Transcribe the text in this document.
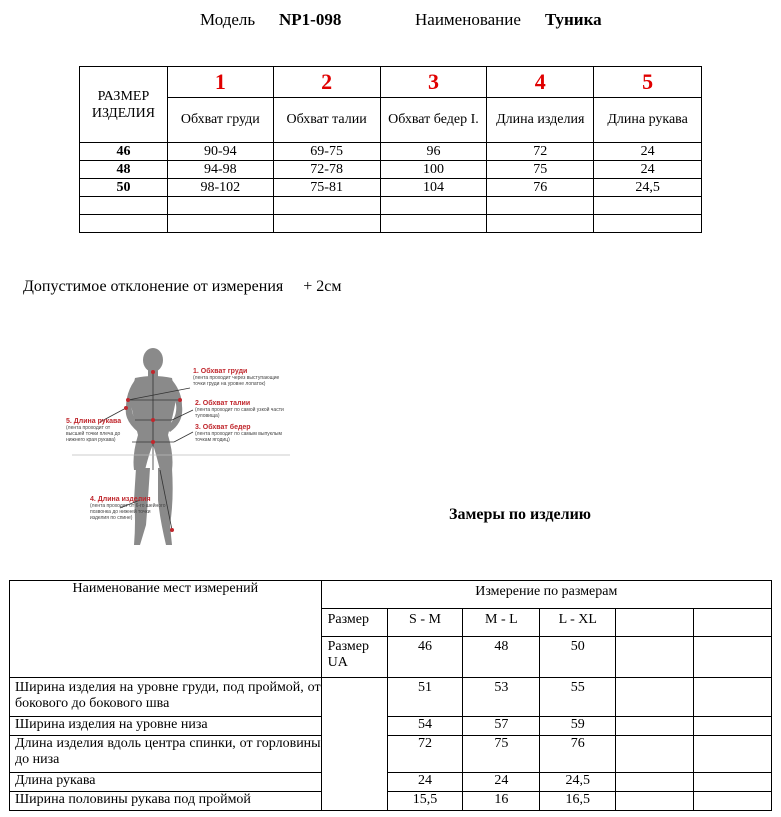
Модель NP1-098	Наименование Туника
РАЗМЕР ИЗДЕЛИЯ	1	2	3	4	5
	Обхват груди	Обхват талии	Обхват бедер I.	Длина изделия	Длина рукава
46	90-94	69-75	96	72	24
48	94-98	72-78	100	75	24
50	98-102	75-81	104	76	24,5

Допустимое отклонение от измерения + 2см
1. Обхват груди
(лента проходит через выступающие точки груди на уровне лопаток)
2. Обхват талии
(лента проходит по самой узкой части туловища)
3. Обхват бедер
(лента проходит по самым выпуклым точкам ягодиц)
5. Длина рукава
(лента проходит от высшей точки плеча до нижнего края рукава)
4. Длина изделия
(лента проходит от 6-го шейного позвонка до нижней точки изделия по спине)	Замеры по изделию
Наименование мест измерений	Измерение по размерам					
	Размер	S - M	M - L	L - XL		
	Размер UA	46	48	50		
Ширина изделия на уровне груди, под проймой, от бокового до бокового шва		51	53	55		
Ширина изделия на уровне низа		54	57	59		
Длина изделия вдоль центра спинки, от горловины до низа		72	75	76		
Длина рукава		24	24	24,5		
Ширина половины рукава под проймой		15,5	16	16,5		
